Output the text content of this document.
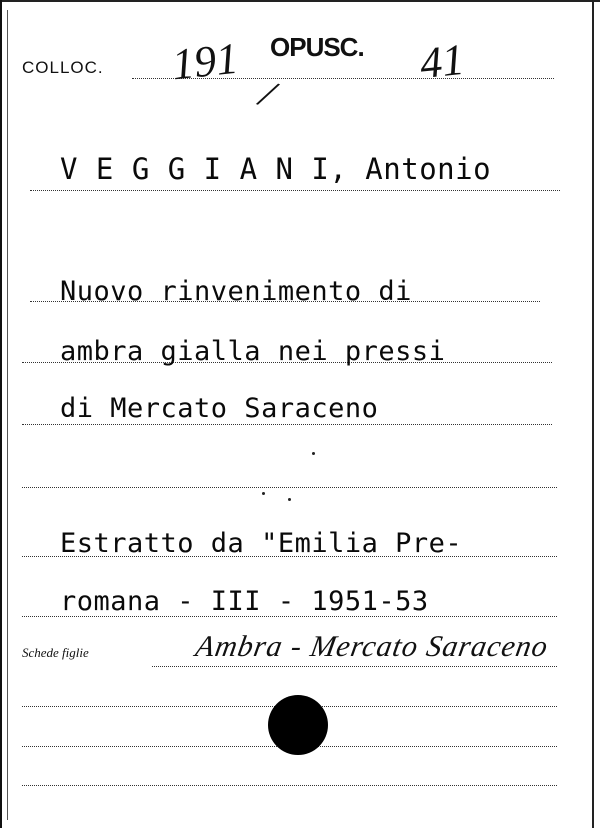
COLLOC. 191 OPUSC.
/
41
V E G G I A N I, Antonio
Nuovo rinvenimento di
ambra gialla nei pressi
di Mercato Saraceno
Estratto da "Emilia Pre-
romana - III - 1951-53
Schede figlie	Ambra - Mercato Saraceno
